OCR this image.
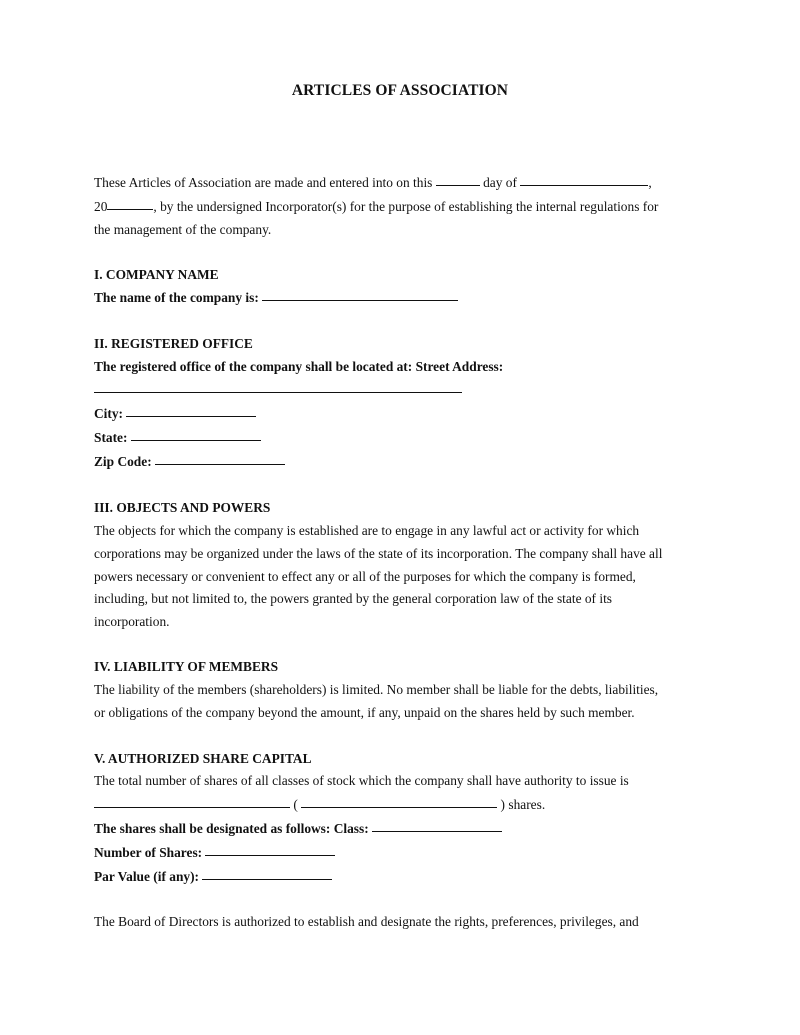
ARTICLES OF ASSOCIATION
These Articles of Association are made and entered into on this	day of	,
20	, by the undersigned Incorporator(s) for the purpose of establishing the internal regulations for
the management of the company.
I. COMPANY NAME
The name of the company is:
II. REGISTERED OFFICE
The registered office of the company shall be located at: Street Address:
City:
State:
Zip Code:
III. OBJECTS AND POWERS
The objects for which the company is established are to engage in any lawful act or activity for which
corporations may be organized under the laws of the state of its incorporation. The company shall have all
powers necessary or convenient to effect any or all of the purposes for which the company is formed,
including, but not limited to, the powers granted by the general corporation law of the state of its
incorporation.
IV. LIABILITY OF MEMBERS
The liability of the members (shareholders) is limited. No member shall be liable for the debts, liabilities,
or obligations of the company beyond the amount, if any, unpaid on the shares held by such member.
V. AUTHORIZED SHARE CAPITAL
The total number of shares of all classes of stock which the company shall have authority to issue is
(	) shares.
The shares shall be designated as follows: Class:
Number of Shares:
Par Value (if any):
The Board of Directors is authorized to establish and designate the rights, preferences, privileges, and
